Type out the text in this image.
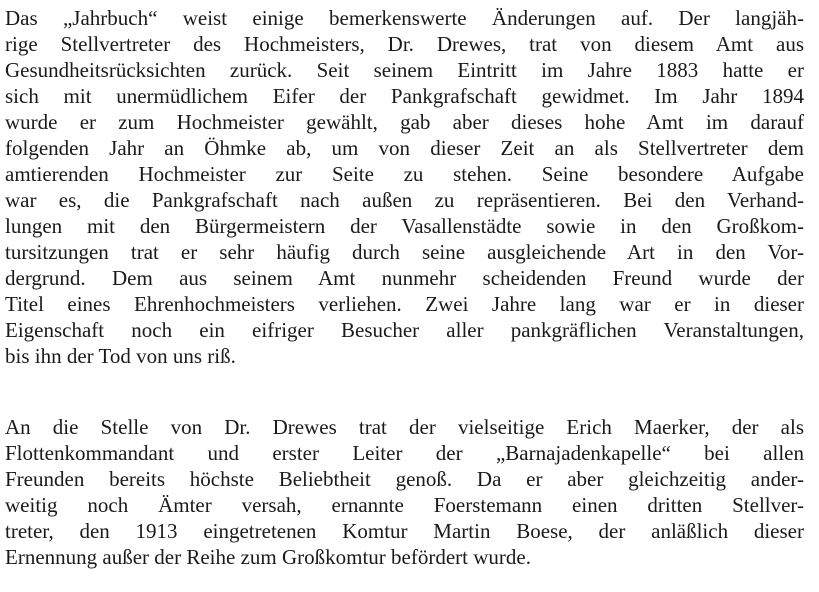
Das „Jahrbuch“ weist einige bemerkenswerte Änderungen auf. Der langjäh-

rige Stellvertreter des Hochmeisters, Dr. Drewes, trat von diesem Amt aus

Gesundheitsrücksichten zurück. Seit seinem Eintritt im Jahre 1883 hatte er

sich mit unermüdlichem Eifer der Pankgrafschaft gewidmet. Im Jahr 1894

wurde er zum Hochmeister gewählt, gab aber dieses hohe Amt im darauf

folgenden Jahr an Öhmke ab, um von dieser Zeit an als Stellvertreter dem

amtierenden Hochmeister zur Seite zu stehen. Seine besondere Aufgabe

war es, die Pankgrafschaft nach außen zu repräsentieren. Bei den Verhand-

lungen mit den Bürgermeistern der Vasallenstädte sowie in den Großkom-

tursitzungen trat er sehr häufig durch seine ausgleichende Art in den Vor-

dergrund. Dem aus seinem Amt nunmehr scheidenden Freund wurde der

Titel eines Ehrenhochmeisters verliehen. Zwei Jahre lang war er in dieser

Eigenschaft noch ein eifriger Besucher aller pankgräflichen Veranstaltungen,

bis ihn der Tod von uns riß.

An die Stelle von Dr. Drewes trat der vielseitige Erich Maerker, der als

Flottenkommandant und erster Leiter der „Barnajadenkapelle“ bei allen

Freunden bereits höchste Beliebtheit genoß. Da er aber gleichzeitig ander-

weitig noch Ämter versah, ernannte Foerstemann einen dritten Stellver-

treter, den 1913 eingetretenen Komtur Martin Boese, der anläßlich dieser

Ernennung außer der Reihe zum Großkomtur befördert wurde.
